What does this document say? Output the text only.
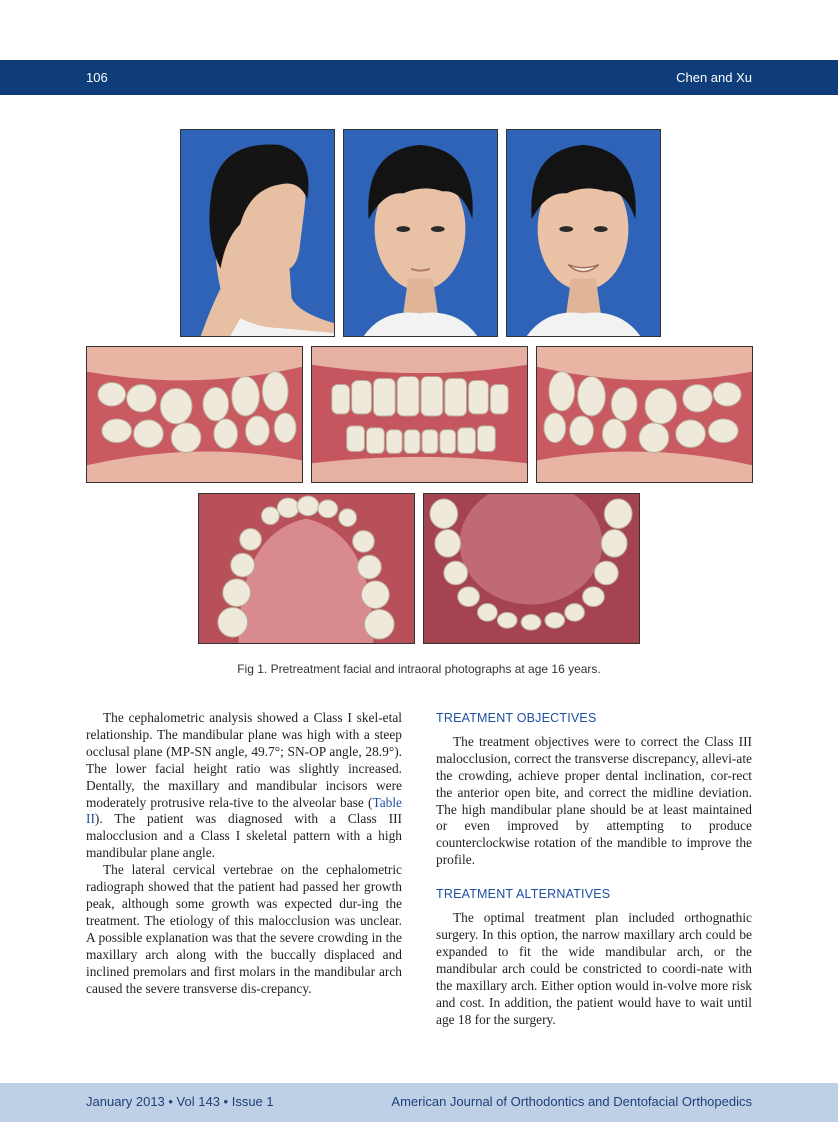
106	Chen and Xu
Fig 1. Pretreatment facial and intraoral photographs at age 16 years.

The cephalometric analysis showed a Class I skel-etal relationship. The mandibular plane was high with a steep occlusal plane (MP-SN angle, 49.7°; SN-OP angle, 28.9°). The lower facial height ratio was slightly increased. Dentally, the maxillary and mandibular incisors were moderately protrusive rela-tive to the alveolar base (Table II). The patient was diagnosed with a Class III malocclusion and a Class I skeletal pattern with a high mandibular plane angle.

The lateral cervical vertebrae on the cephalometric radiograph showed that the patient had passed her growth peak, although some growth was expected dur-ing the treatment. The etiology of this malocclusion was unclear. A possible explanation was that the severe crowding in the maxillary arch along with the buccally displaced and inclined premolars and first molars in the mandibular arch caused the severe transverse dis-crepancy.

TREATMENT OBJECTIVES

The treatment objectives were to correct the Class III malocclusion, correct the transverse discrepancy, allevi-ate the crowding, achieve proper dental inclination, cor-rect the anterior open bite, and correct the midline deviation. The high mandibular plane should be at least maintained or even improved by attempting to produce counterclockwise rotation of the mandible to improve the profile.

TREATMENT ALTERNATIVES

The optimal treatment plan included orthognathic surgery. In this option, the narrow maxillary arch could be expanded to fit the wide mandibular arch, or the mandibular arch could be constricted to coordi-nate with the maxillary arch. Either option would in-volve more risk and cost. In addition, the patient would have to wait until age 18 for the surgery.

January 2013 • Vol 143 • Issue 1	American Journal of Orthodontics and Dentofacial Orthopedics
